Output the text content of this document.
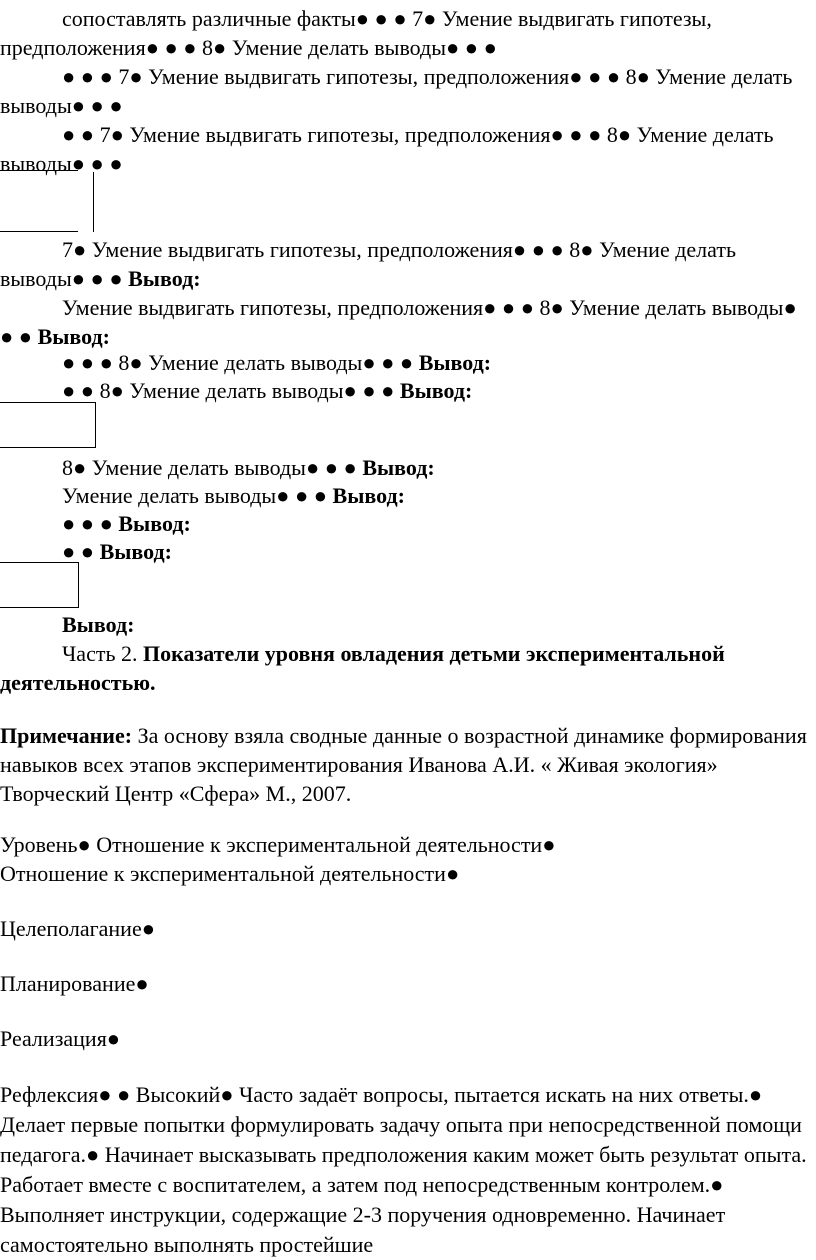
сопоставлять различные факты● ● ● 7● Умение выдвигать гипотезы, предположения● ● ● 8● Умение делать выводы● ● ●

● ● ● 7● Умение выдвигать гипотезы, предположения● ● ● 8● Умение делать выводы● ● ●

● ● 7● Умение выдвигать гипотезы, предположения● ● ● 8● Умение делать выводы● ● ●

7● Умение выдвигать гипотезы, предположения● ● ● 8● Умение делать выводы● ● ● Вывод:

Умение выдвигать гипотезы, предположения● ● ● 8● Умение делать выводы● ● ● Вывод:

● ● ● 8● Умение делать выводы● ● ● Вывод:

● ● 8● Умение делать выводы● ● ● Вывод:

8● Умение делать выводы● ● ● Вывод:

Умение делать выводы● ● ● Вывод:

● ● ● Вывод:

● ● Вывод:

Вывод:

Часть 2. Показатели уровня овладения детьми экспериментальной деятельностью.

Примечание: За основу взяла сводные данные о возрастной динамике формирования навыков всех этапов экспериментирования Иванова А.И. « Живая экология» Творческий Центр «Сфера» М., 2007.

Уровень● Отношение к экспериментальной деятельности●
Отношение к экспериментальной деятельности●

Целеполагание●

Планирование●

Реализация●

Рефлексия● ● Высокий● Часто задаёт вопросы, пытается искать на них ответы.● Делает первые попытки формулировать задачу опыта при непосредственной помощи педагога.● Начинает высказывать предположения каким может быть результат опыта. Работает вместе с воспитателем, а затем под непосредственным контролем.● Выполняет инструкции, содержащие 2-3 поручения одновременно. Начинает самостоятельно выполнять простейшие
